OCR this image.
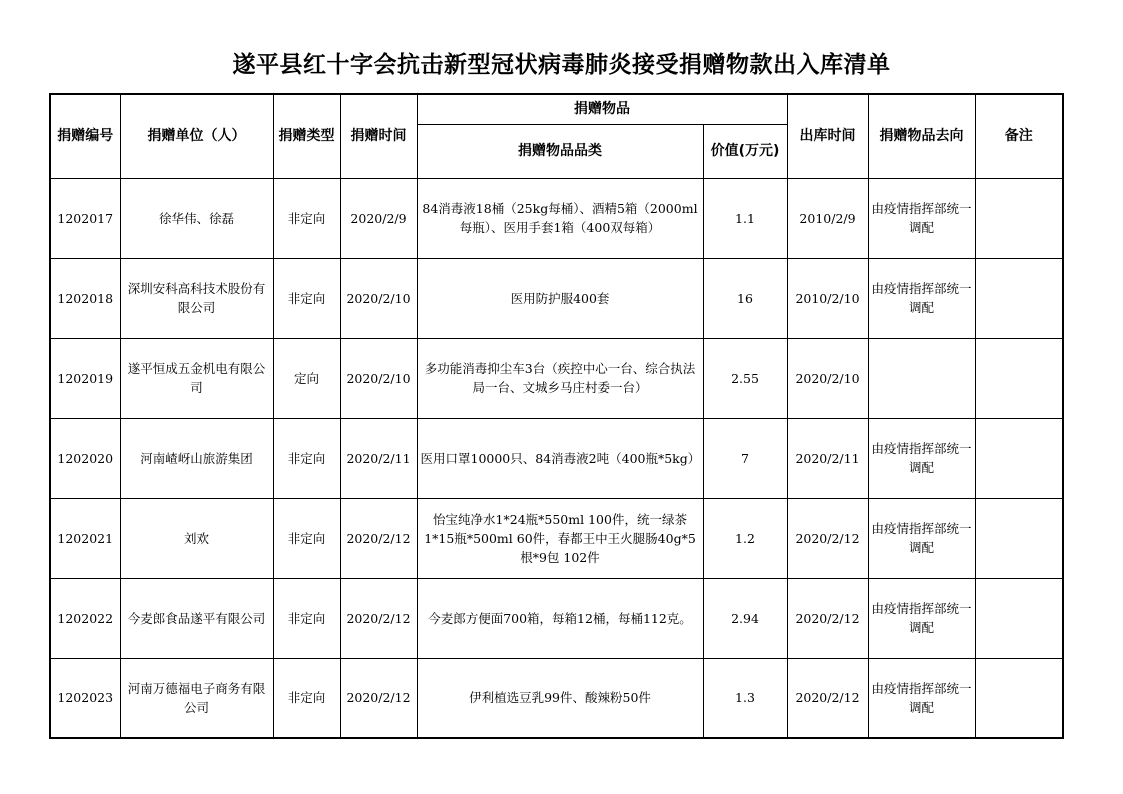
遂平县红十字会抗击新型冠状病毒肺炎接受捐赠物款出入库清单
捐赠编号	捐赠单位（人）	捐赠类型	捐赠时间	捐赠物品		出库时间	捐赠物品去向	备注
				捐赠物品品类	价值(万元)			
1202017	徐华伟、徐磊	非定向	2020/2/9	84消毒液18桶（25kg每桶）、酒精5箱（2000ml每瓶）、医用手套1箱（400双每箱）	1.1	2010/2/9	由疫情指挥部统一调配	
1202018	深圳安科高科技术股份有限公司	非定向	2020/2/10	医用防护服400套	16	2010/2/10	由疫情指挥部统一调配	
1202019	遂平恒成五金机电有限公司	定向	2020/2/10	多功能消毒抑尘车3台（疾控中心一台、综合执法局一台、文城乡马庄村委一台）	2.55	2020/2/10		
1202020	河南嵖岈山旅游集团	非定向	2020/2/11	医用口罩10000只、84消毒液2吨（400瓶*5kg）	7	2020/2/11	由疫情指挥部统一调配	
1202021	刘欢	非定向	2020/2/12	怡宝纯净水1*24瓶*550ml 100件，统一绿茶1*15瓶*500ml 60件，春都王中王火腿肠40g*5根*9包 102件	1.2	2020/2/12	由疫情指挥部统一调配	
1202022	今麦郎食品遂平有限公司	非定向	2020/2/12	今麦郎方便面700箱，每箱12桶，每桶112克。	2.94	2020/2/12	由疫情指挥部统一调配	
1202023	河南万德福电子商务有限公司	非定向	2020/2/12	伊利植选豆乳99件、酸辣粉50件	1.3	2020/2/12	由疫情指挥部统一调配	
